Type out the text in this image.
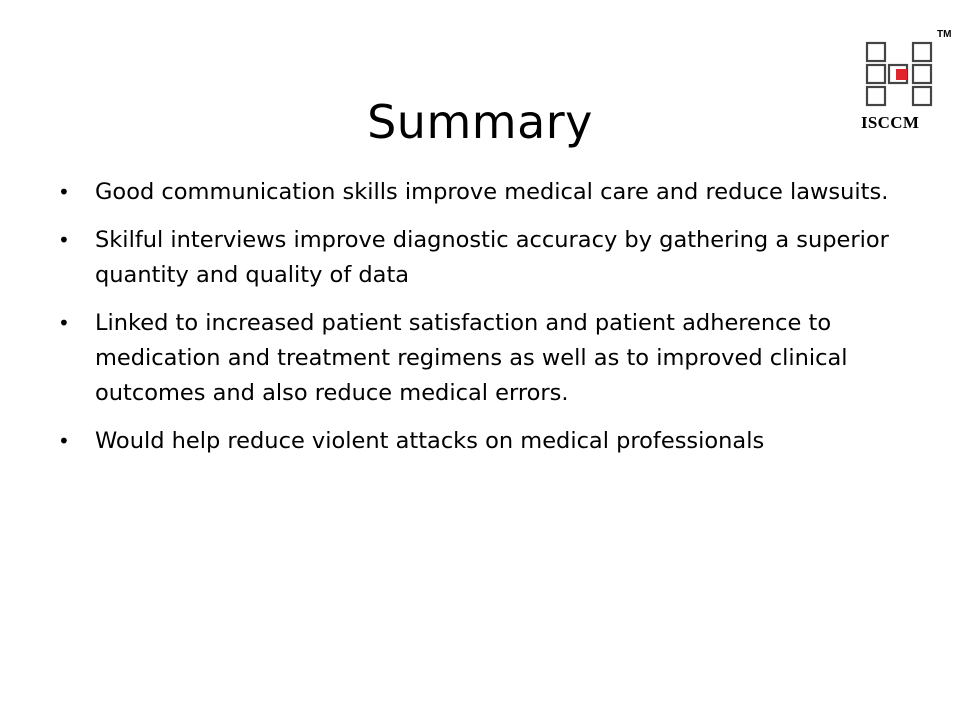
Summary
•	Good communication skills improve medical care and reduce lawsuits.
•	Skilful interviews improve diagnostic accuracy by gathering a superior quantity and quality of data
•	Linked to increased patient satisfaction and patient adherence to medication and treatment regimens as well as to improved clinical outcomes and also reduce medical errors.
•	Would help reduce violent attacks on medical professionals
TM
ISCCM
